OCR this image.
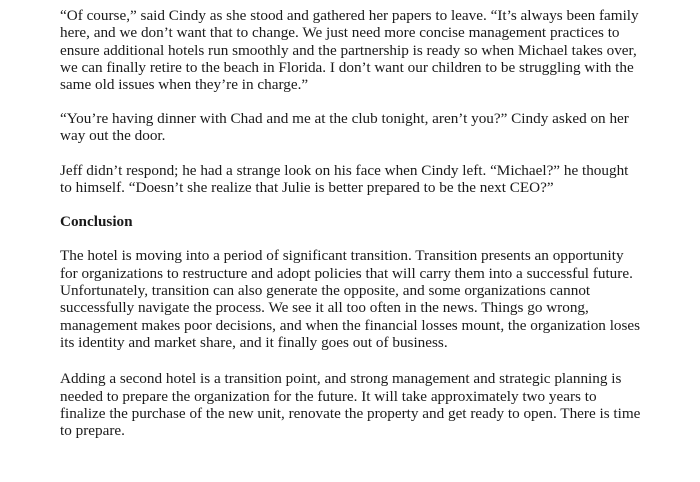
“Of course,” said Cindy as she stood and gathered her papers to leave. “It’s always been family
here, and we don’t want that to change. We just need more concise management practices to
ensure additional hotels run smoothly and the partnership is ready so when Michael takes over,
we can finally retire to the beach in Florida. I don’t want our children to be struggling with the
same old issues when they’re in charge.”

“You’re having dinner with Chad and me at the club tonight, aren’t you?” Cindy asked on her
way out the door.

Jeff didn’t respond; he had a strange look on his face when Cindy left. “Michael?” he thought
to himself. “Doesn’t she realize that Julie is better prepared to be the next CEO?”

Conclusion

The hotel is moving into a period of significant transition. Transition presents an opportunity
for organizations to restructure and adopt policies that will carry them into a successful future.
Unfortunately, transition can also generate the opposite, and some organizations cannot
successfully navigate the process. We see it all too often in the news. Things go wrong,
management makes poor decisions, and when the financial losses mount, the organization loses
its identity and market share, and it finally goes out of business.

Adding a second hotel is a transition point, and strong management and strategic planning is
needed to prepare the organization for the future. It will take approximately two years to
finalize the purchase of the new unit, renovate the property and get ready to open. There is time
to prepare.
